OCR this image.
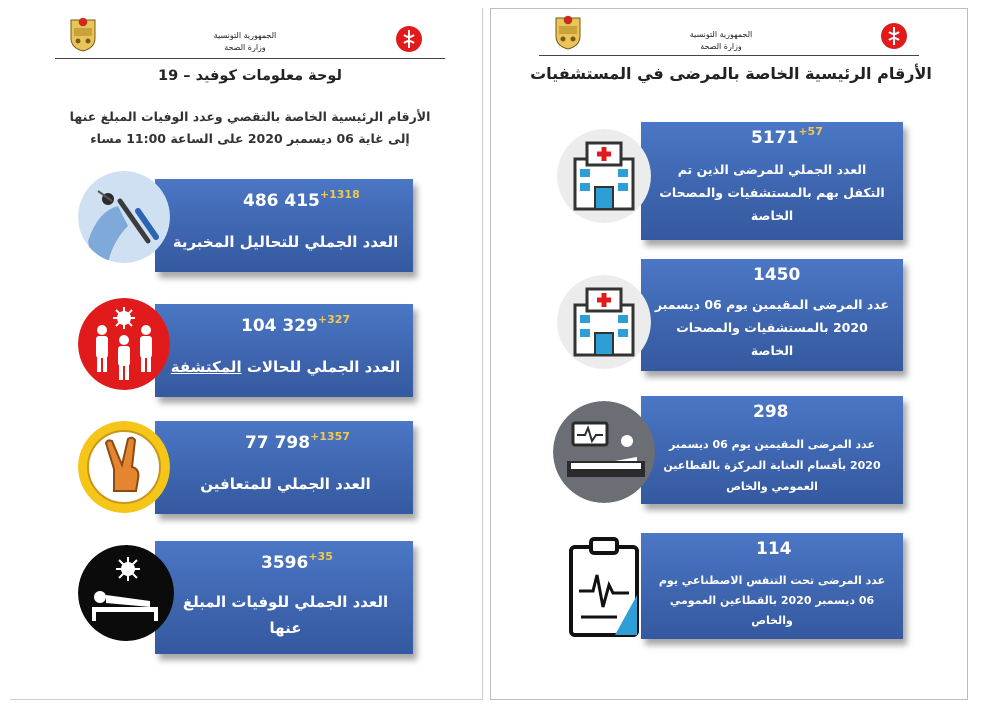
الجمهورية التونسية
وزارة الصحة
لوحة معلومات كوفيد – 19
الأرقام الرئيسية الخاصة بالتقصي وعدد الوفيات المبلغ عنها
إلى غاية 06 ديسمبر 2020 على الساعة 11:00 مساء
486 $415^{+1318}$
العدد الجملي للتحاليل المخبرية
104 $329^{+327}$
العدد الجملي للحالات المكتشفة
77 $798^{+1357}$
العدد الجملي للمتعافين
$3596^{+35}$
العدد الجملي للوفيات المبلغ
عنها
الجمهورية التونسية
وزارة الصحة
الأرقام الرئيسية الخاصة بالمرضى في المستشفيات
$5171^{+57}$
العدد الجملي للمرضى الذين تم
التكفل بهم بالمستشفيات والمصحات
الخاصة
1450
عدد المرضى المقيمين يوم 06 ديسمبر
2020 بالمستشفيات والمصحات
الخاصة
298
عدد المرضى المقيمين يوم 06 ديسمبر
2020 بأقسام العناية المركزة بالقطاعين
العمومي والخاص
114
عدد المرضى تحت التنفس الاصطناعي يوم
06 ديسمبر 2020 بالقطاعين العمومي
والخاص
